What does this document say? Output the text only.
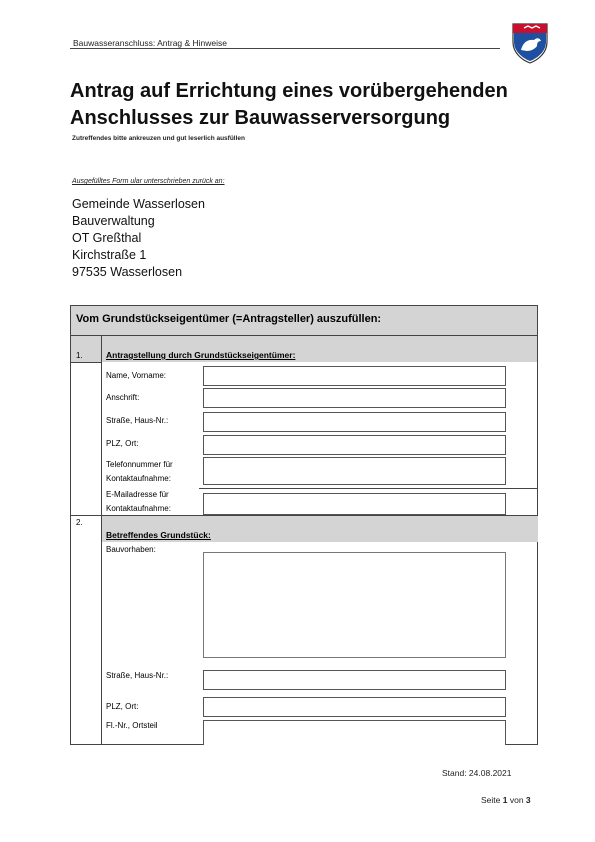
Bauwasseranschluss: Antrag & Hinweise
Antrag auf Errichtung eines vorübergehenden
Anschlusses zur Bauwasserversorgung
Zutreffendes bitte ankreuzen und gut leserlich ausfüllen
Ausgefülltes Form ular unterschrieben zurück an:
Gemeinde Wasserlosen
Bauverwaltung
OT Greßthal
Kirchstraße 1
97535 Wasserlosen
Vom Grundstückseigentümer (=Antragsteller) auszufüllen:
1.	Antragstellung durch Grundstückseigentümer:
Name, Vorname:
Anschrift:
Straße, Haus-Nr.:
PLZ, Ort:
Telefonnummer für
Kontaktaufnahme:
E-Mailadresse für
Kontaktaufnahme:
2.
Betreffendes Grundstück:
Bauvorhaben:
Straße, Haus-Nr.:
PLZ, Ort:
Fl.-Nr., Ortsteil
Stand: 24.08.2021
Seite 1 von 3
